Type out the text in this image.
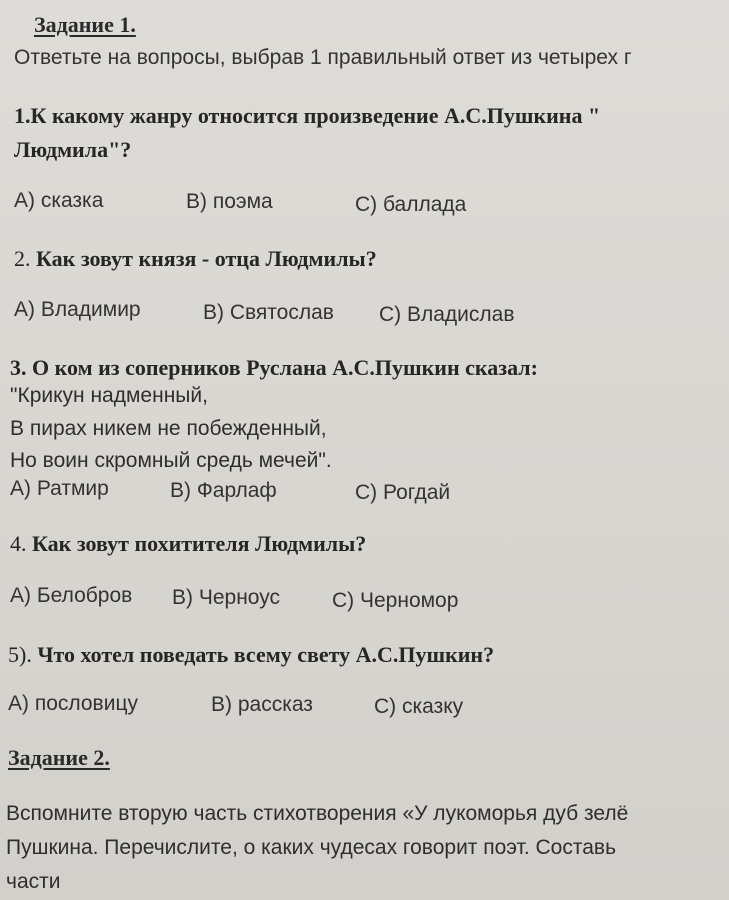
Задание 1.
Ответьте на вопросы, выбрав 1 правильный ответ из четырех г
1.К какому жанру относится произведение А.С.Пушкина "
Людмила"?
A) сказка	B) поэма	C) баллада
2. Как зовут князя - отца Людмилы?
A) Владимир	B) Святослав C) Владислав
3. О ком из соперников Руслана А.С.Пушкин сказал:
"Крикун надменный,
В пирах никем не побежденный,
Но воин скромный средь мечей".
A) Ратмир	B) Фарлаф	C) Рогдай
4. Как зовут похитителя Людмилы?
A) Белобров B) Черноус C) Черномор
5). Что хотел поведать всему свету А.С.Пушкин?
A) пословицу	B) рассказ	C) сказку
Задание 2.
Вспомните вторую часть стихотворения «У лукоморья дуб зелё
Пушкина. Перечислите, о каких чудесах говорит поэт. Составь
части
